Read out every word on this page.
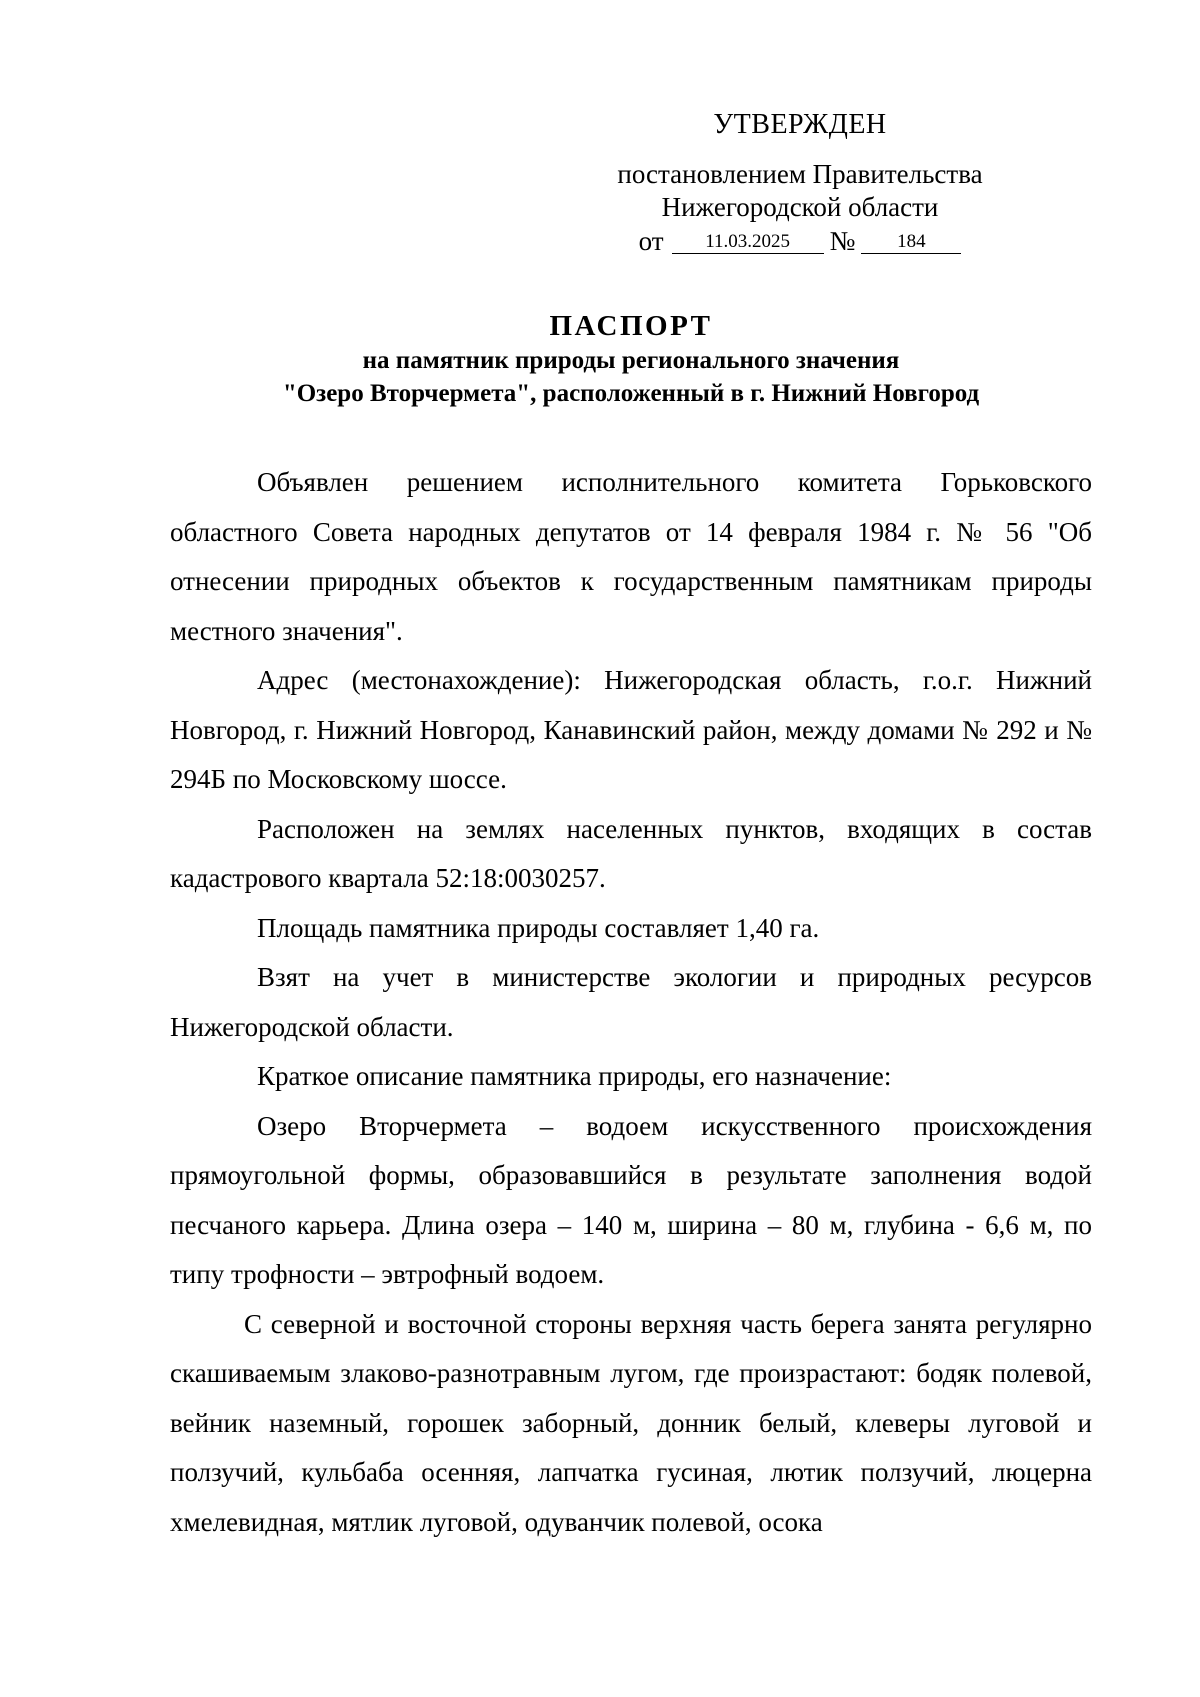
УТВЕРЖДЕН
постановлением Правительства
Нижегородской области
от 11.03.2025 № 184
ПАСПОРТ
на памятник природы регионального значения
"Озеро Вторчермета", расположенный в г. Нижний Новгород

Объявлен решением исполнительного комитета Горьковского областного Совета народных депутатов от 14 февраля 1984 г. № 56 "Об отнесении природных объектов к государственным памятникам природы местного значения".

Адрес (местонахождение): Нижегородская область, г.о.г. Нижний Новгород, г. Нижний Новгород, Канавинский район, между домами № 292 и № 294Б по Московскому шоссе.

Расположен на землях населенных пунктов, входящих в состав кадастрового квартала 52:18:0030257.

Площадь памятника природы составляет 1,40 га.

Взят на учет в министерстве экологии и природных ресурсов Нижегородской области.

Краткое описание памятника природы, его назначение:

Озеро Вторчермета – водоем искусственного происхождения прямоугольной формы, образовавшийся в результате заполнения водой песчаного карьера. Длина озера – 140 м, ширина – 80 м, глубина - 6,6 м, по типу трофности – эвтрофный водоем.

С северной и восточной стороны верхняя часть берега занята регулярно скашиваемым злаково-разнотравным лугом, где произрастают: бодяк полевой, вейник наземный, горошек заборный, донник белый, клеверы луговой и ползучий, кульбаба осенняя, лапчатка гусиная, лютик ползучий, люцерна хмелевидная, мятлик луговой, одуванчик полевой, осока
